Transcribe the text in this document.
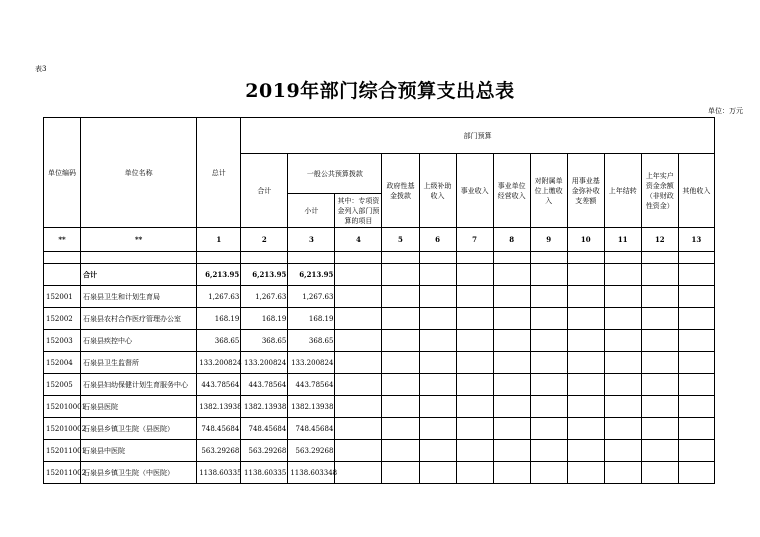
表3
2019年部门综合预算支出总表
单位：万元
单位编码	单位名称	总计	部门预算											
			合计	一般公共预算拨款		政府性基金拨款	上级补助收入	事业收入	事业单位经营收入	对附属单位上缴收入	用事业基金弥补收支差额	上年结转	上年实户资金余额（非财政性资金）	其他收入
				小计	其中：专项资金列入部门预算的项目									
**	**	1	2	3	4	5	6	7	8	9	10	11	12	13

	合计	6,213.95	6,213.95	6,213.95										
152001	石泉县卫生和计划生育局	1,267.63	1,267.63	1,267.63										
152002	石泉县农村合作医疗管理办公室	168.19	168.19	168.19										
152003	石泉县疾控中心	368.65	368.65	368.65										
152004	石泉县卫生监督所	133.200824	133.200824	133.200824										
152005	石泉县妇幼保健计划生育服务中心	443.78564	443.78564	443.78564										
152010001	石泉县医院	1382.13938	1382.13938	1382.13938										
152010002	石泉县乡镇卫生院（县医院）	748.45684	748.45684	748.45684										
152011001	石泉县中医院	563.29268	563.29268	563.29268										
152011002	石泉县乡镇卫生院（中医院）	1138.60335	1138.60335	1138.603348										
